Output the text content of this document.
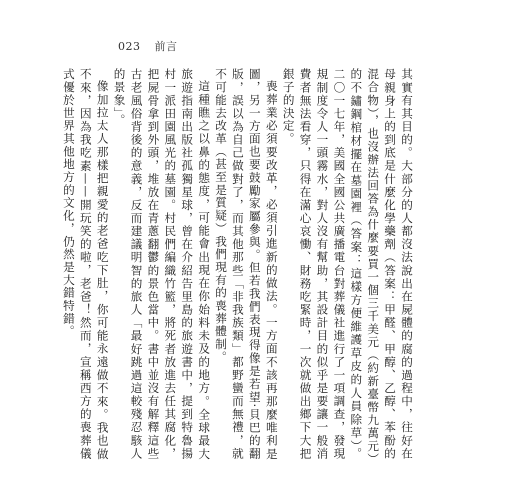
023 前言

其實有其目的。大部分的人都沒法說出在屍體的腐的過程中，往好在母親身上的到底是什麼化學藥劑（答案：甲醛、甲醇、乙醇、苯酚的混合物），也沒辦法回答為什麼要買一個三千美元（約新臺幣九萬元）的不鏽鋼棺材擺在墓園裡（答案：這樣方便維護草皮的人員除草）。二〇一七年，美國全國公共廣播電台對葬儀社進行了一項調查，發現規制度令人一頭霧水，對人沒有幫助，其設計目的似乎是要讓一般消費者無法看穿，只得在滿心哀慟、財務吃緊時，一次就做出鄉下大把銀子的決定。

喪葬業必須要改革，必須引進新的做法。一方面不該再那麼唯利是圖，另一方面也要鼓勵家屬參與。但若我們表現得像是若望·貝巴的翻版，誤以為自己做對了，而其他那些「非我族類」都野蠻而無禮，就不可能去改革（甚至是質疑）我們現有的喪葬體制。

這種瞧之以鼻的態度，可能會出現在你始料未及的地方。全球最大旅遊指南出版社孤獨星球，曾在介紹告里島的旅遊書中，提到特魯揚村一派田園風光的墓園。村民們編織竹籃，將死者放進去任其腐化，把屍骨拿到外頭，堆放在青蔥翻鬱的景色當中。書中並沒有解釋這些古老風俗背後的意義，反而建議明智的旅人「最好跳過這較殘忍駭人的景象」。

像加拉太人那樣把親愛的老爸吃下肚，你可能永遠做不來。我也做不來，因為我吃素——開玩笑的啦，老爸！然而，宣稱西方的喪葬儀式優於世界其他地方的文化，仍然是大錯特錯。
